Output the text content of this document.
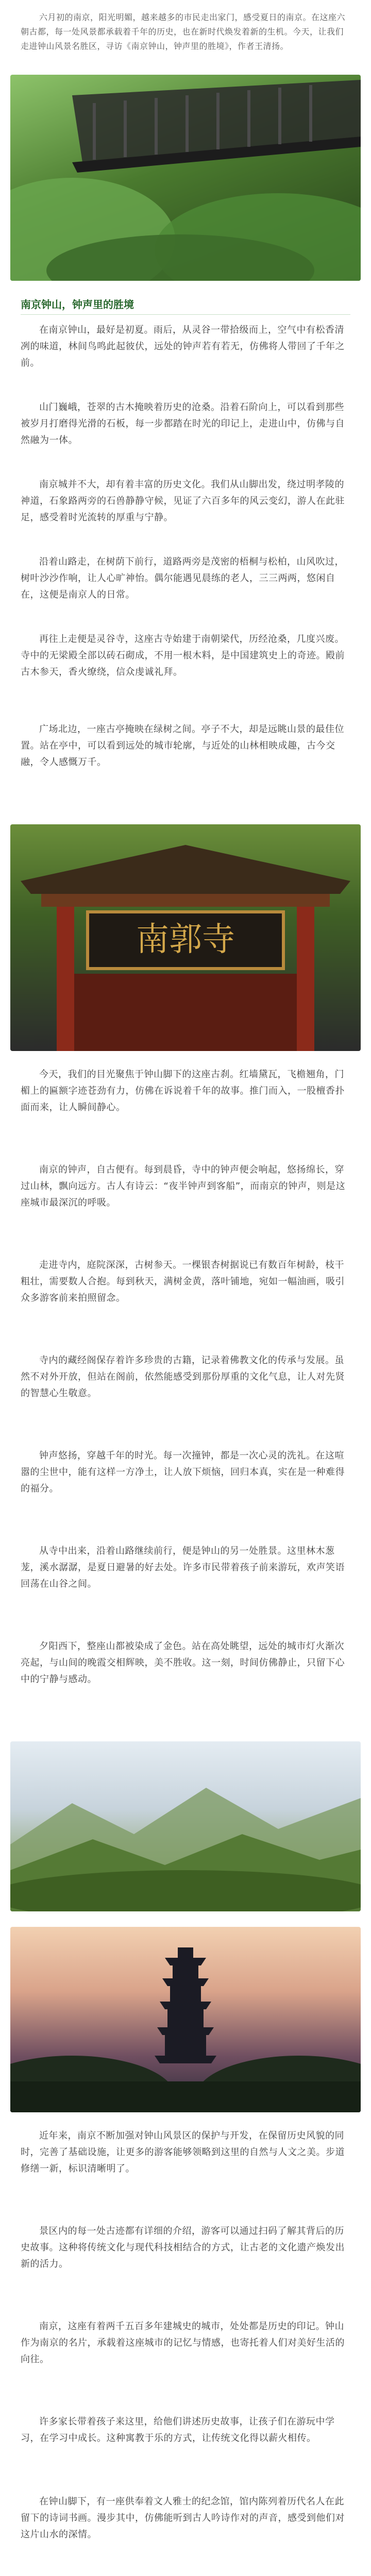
六月初的南京，阳光明媚，越来越多的市民走出家门，感受夏日的南京。在这座六朝古都，每一处风景都承载着千年的历史，也在新时代焕发着新的生机。今天，让我们走进钟山风景名胜区，寻访《南京钟山，钟声里的胜境》，作者王清扬。
南京钟山，钟声里的胜境
在南京钟山，最好是初夏。雨后，从灵谷一带拾级而上，空气中有松香清冽的味道，林间鸟鸣此起彼伏，远处的钟声若有若无，仿佛将人带回了千年之前。
山门巍峨，苍翠的古木掩映着历史的沧桑。沿着石阶向上，可以看到那些被岁月打磨得光滑的石板，每一步都踏在时光的印记上，走进山中，仿佛与自然融为一体。
南京城并不大，却有着丰富的历史文化。我们从山脚出发，绕过明孝陵的神道，石象路两旁的石兽静静守候，见证了六百多年的风云变幻，游人在此驻足，感受着时光流转的厚重与宁静。
沿着山路走，在树荫下前行，道路两旁是茂密的梧桐与松柏，山风吹过，树叶沙沙作响，让人心旷神怡。偶尔能遇见晨练的老人，三三两两，悠闲自在，这便是南京人的日常。
再往上走便是灵谷寺，这座古寺始建于南朝梁代，历经沧桑，几度兴废。寺中的无梁殿全部以砖石砌成，不用一根木料，是中国建筑史上的奇迹。殿前古木参天，香火缭绕，信众虔诚礼拜。
广场北边，一座古亭掩映在绿树之间。亭子不大，却是远眺山景的最佳位置。站在亭中，可以看到远处的城市轮廓，与近处的山林相映成趣，古今交融，令人感慨万千。
南郭寺
今天，我们的目光聚焦于钟山脚下的这座古刹。红墙黛瓦，飞檐翘角，门楣上的匾额字迹苍劲有力，仿佛在诉说着千年的故事。推门而入，一股檀香扑面而来，让人瞬间静心。
南京的钟声，自古便有。每到晨昏，寺中的钟声便会响起，悠扬绵长，穿过山林，飘向远方。古人有诗云：“夜半钟声到客船”，而南京的钟声，则是这座城市最深沉的呼吸。
走进寺内，庭院深深，古树参天。一棵银杏树据说已有数百年树龄，枝干粗壮，需要数人合抱。每到秋天，满树金黄，落叶铺地，宛如一幅油画，吸引众多游客前来拍照留念。
寺内的藏经阁保存着许多珍贵的古籍，记录着佛教文化的传承与发展。虽然不对外开放，但站在阁前，依然能感受到那份厚重的文化气息，让人对先贤的智慧心生敬意。
钟声悠扬，穿越千年的时光。每一次撞钟，都是一次心灵的洗礼。在这喧嚣的尘世中，能有这样一方净土，让人放下烦恼，回归本真，实在是一种难得的福分。
从寺中出来，沿着山路继续前行，便是钟山的另一处胜景。这里林木葱茏，溪水潺潺，是夏日避暑的好去处。许多市民带着孩子前来游玩，欢声笑语回荡在山谷之间。
夕阳西下，整座山都被染成了金色。站在高处眺望，远处的城市灯火渐次亮起，与山间的晚霞交相辉映，美不胜收。这一刻，时间仿佛静止，只留下心中的宁静与感动。
近年来，南京不断加强对钟山风景区的保护与开发，在保留历史风貌的同时，完善了基础设施，让更多的游客能够领略到这里的自然与人文之美。步道修缮一新，标识清晰明了。
景区内的每一处古迹都有详细的介绍，游客可以通过扫码了解其背后的历史故事。这种将传统文化与现代科技相结合的方式，让古老的文化遗产焕发出新的活力。
南京，这座有着两千五百多年建城史的城市，处处都是历史的印记。钟山作为南京的名片，承载着这座城市的记忆与情感，也寄托着人们对美好生活的向往。
许多家长带着孩子来这里，给他们讲述历史故事，让孩子们在游玩中学习，在学习中成长。这种寓教于乐的方式，让传统文化得以薪火相传。
在钟山脚下，有一座供奉着文人雅士的纪念馆，馆内陈列着历代名人在此留下的诗词书画。漫步其中，仿佛能听到古人吟诗作对的声音，感受到他们对这片山水的深情。
